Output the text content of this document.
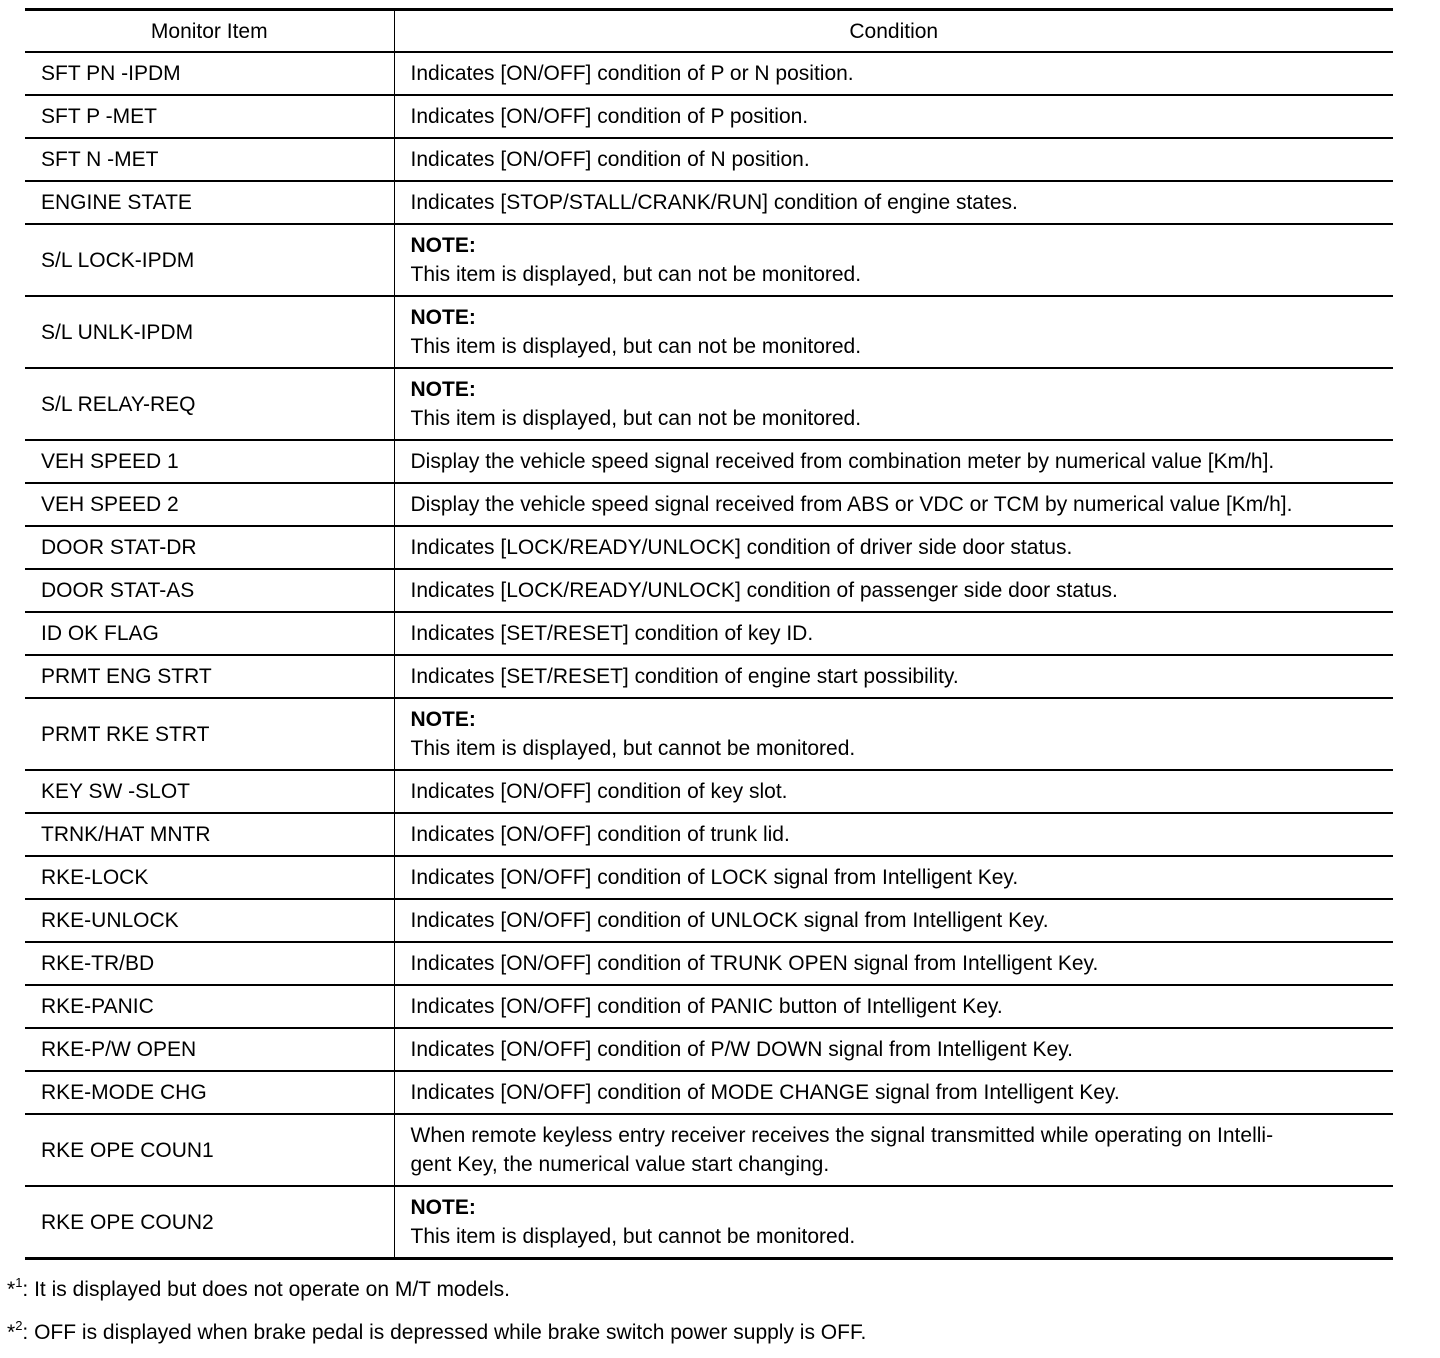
Monitor Item	Condition
SFT PN -IPDM	Indicates [ON/OFF] condition of P or N position.
SFT P -MET	Indicates [ON/OFF] condition of P position.
SFT N -MET	Indicates [ON/OFF] condition of N position.
ENGINE STATE	Indicates [STOP/STALL/CRANK/RUN] condition of engine states.
S/L LOCK-IPDM	NOTE:
This item is displayed, but can not be monitored.

S/L UNLK-IPDM	NOTE:
This item is displayed, but can not be monitored.

S/L RELAY-REQ	NOTE:
This item is displayed, but can not be monitored.

VEH SPEED 1	Display the vehicle speed signal received from combination meter by numerical value [Km/h].
VEH SPEED 2	Display the vehicle speed signal received from ABS or VDC or TCM by numerical value [Km/h].
DOOR STAT-DR	Indicates [LOCK/READY/UNLOCK] condition of driver side door status.
DOOR STAT-AS	Indicates [LOCK/READY/UNLOCK] condition of passenger side door status.
ID OK FLAG	Indicates [SET/RESET] condition of key ID.
PRMT ENG STRT	Indicates [SET/RESET] condition of engine start possibility.
PRMT RKE STRT	NOTE:
This item is displayed, but cannot be monitored.

KEY SW -SLOT	Indicates [ON/OFF] condition of key slot.
TRNK/HAT MNTR	Indicates [ON/OFF] condition of trunk lid.
RKE-LOCK	Indicates [ON/OFF] condition of LOCK signal from Intelligent Key.
RKE-UNLOCK	Indicates [ON/OFF] condition of UNLOCK signal from Intelligent Key.
RKE-TR/BD	Indicates [ON/OFF] condition of TRUNK OPEN signal from Intelligent Key.
RKE-PANIC	Indicates [ON/OFF] condition of PANIC button of Intelligent Key.
RKE-P/W OPEN	Indicates [ON/OFF] condition of P/W DOWN signal from Intelligent Key.
RKE-MODE CHG	Indicates [ON/OFF] condition of MODE CHANGE signal from Intelligent Key.
RKE OPE COUN1	When remote keyless entry receiver receives the signal transmitted while operating on Intelli-
gent Key, the numerical value start changing.

RKE OPE COUN2	NOTE:
This item is displayed, but cannot be monitored.
*$^1$: It is displayed but does not operate on M/T models.
*$^2$: OFF is displayed when brake pedal is depressed while brake switch power supply is OFF.
